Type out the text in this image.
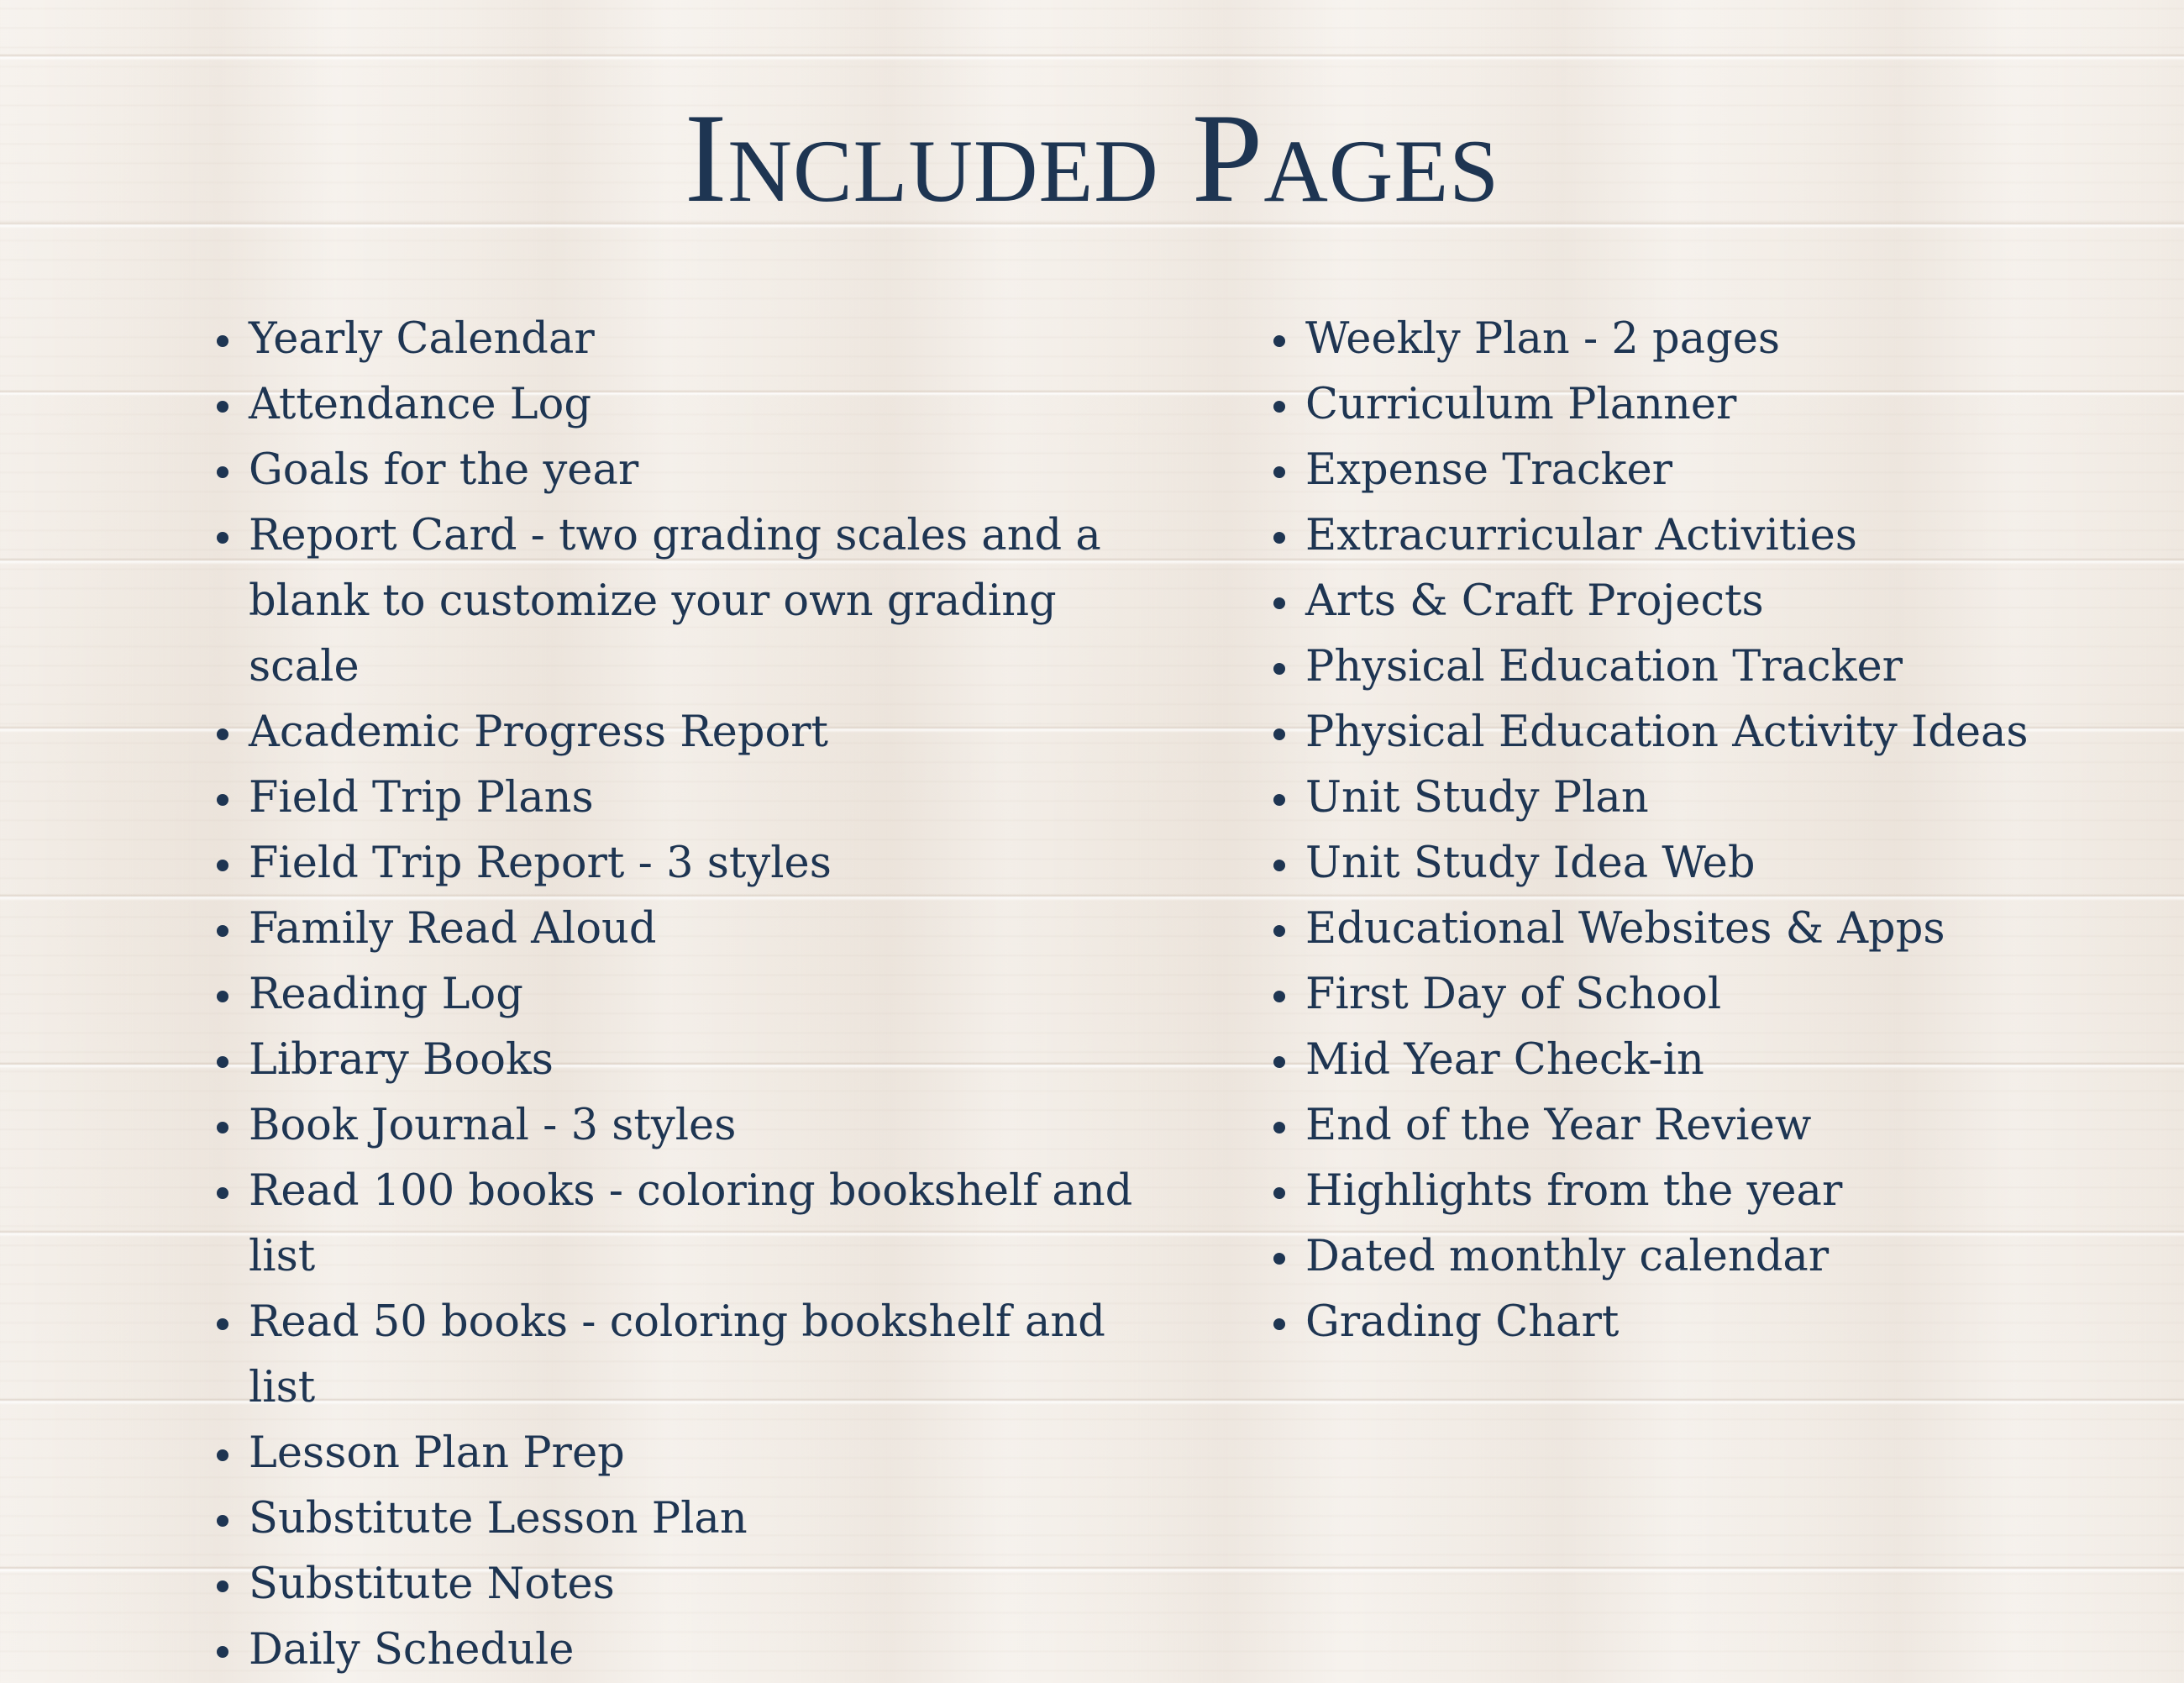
Included Pages
Yearly Calendar
Attendance Log
Goals for the year
Report Card - two grading scales and a blank to customize your own grading scale
Academic Progress Report
Field Trip Plans
Field Trip Report - 3 styles
Family Read Aloud
Reading Log
Library Books
Book Journal - 3 styles
Read 100 books - coloring bookshelf and list
Read 50 books - coloring bookshelf and list
Lesson Plan Prep
Substitute Lesson Plan
Substitute Notes
Daily Schedule
Weekly Plan - 2 pages
Curriculum Planner
Expense Tracker
Extracurricular Activities
Arts & Craft Projects
Physical Education Tracker
Physical Education Activity Ideas
Unit Study Plan
Unit Study Idea Web
Educational Websites & Apps
First Day of School
Mid Year Check-in
End of the Year Review
Highlights from the year
Dated monthly calendar
Grading Chart
